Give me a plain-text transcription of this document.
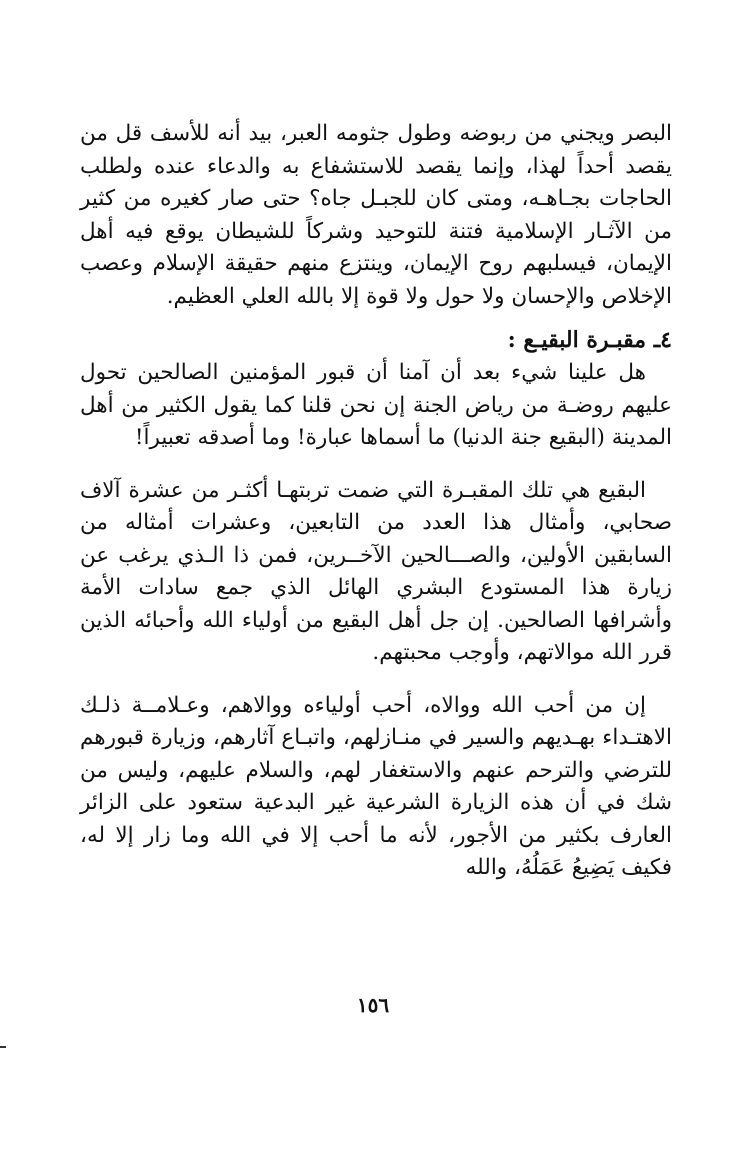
البصر ويجني من ربوضه وطول جثومه العبر، بيد أنه للأسف قل من يقصد أحداً لهذا، وإنما يقصد للاستشفاع به والدعاء عنده ولطلب الحاجات بجـاهـه، ومتى كان للجبـل جاه؟ حتى صار كغيره من كثير من الآثـار الإسلامية فتنة للتوحيد وشركاً للشيطان يوقع فيه أهل الإيمان، فيسلبهم روح الإيمان، وينتزع منهم حقيقة الإسلام وعصب الإخلاص والإحسان ولا حول ولا قوة إلا بالله العلي العظيم.

٤ـ مقبـرة البقيـع :

هل علينا شيء بعد أن آمنا أن قبور المؤمنين الصالحين تحول عليهم روضـة من رياض الجنة إن نحن قلنا كما يقول الكثير من أهل المدينة (البقيع جنة الدنيا) ما أسماها عبارة! وما أصدقه تعبيراً!

البقيع هي تلك المقبـرة التي ضمت تربتهـا أكثـر من عشرة آلاف صحابي، وأمثال هذا العدد من التابعين، وعشرات أمثاله من السابقين الأولين، والصـــالحين الآخــرين، فمن ذا الـذي يرغب عن زيارة هذا المستودع البشري الهائل الذي جمع سادات الأمة وأشرافها الصالحين. إن جل أهل البقيع من أولياء الله وأحبائه الذين قرر الله موالاتهم، وأوجب محبتهم.

إن من أحب الله ووالاه، أحب أولياءه ووالاهم، وعـلامــة ذلـك الاهتـداء بهـديهم والسير في منـازلهم، واتبـاع آثارهم، وزيارة قبورهم للترضي والترحم عنهم والاستغفار لهم، والسلام عليهم، وليس من شك في أن هذه الزيارة الشرعية غير البدعية ستعود على الزائر العارف بكثير من الأجور، لأنه ما أحب إلا في الله وما زار إلا له، فكيف يَضِيعُ عَمَلُهُ، والله

١٥٦
